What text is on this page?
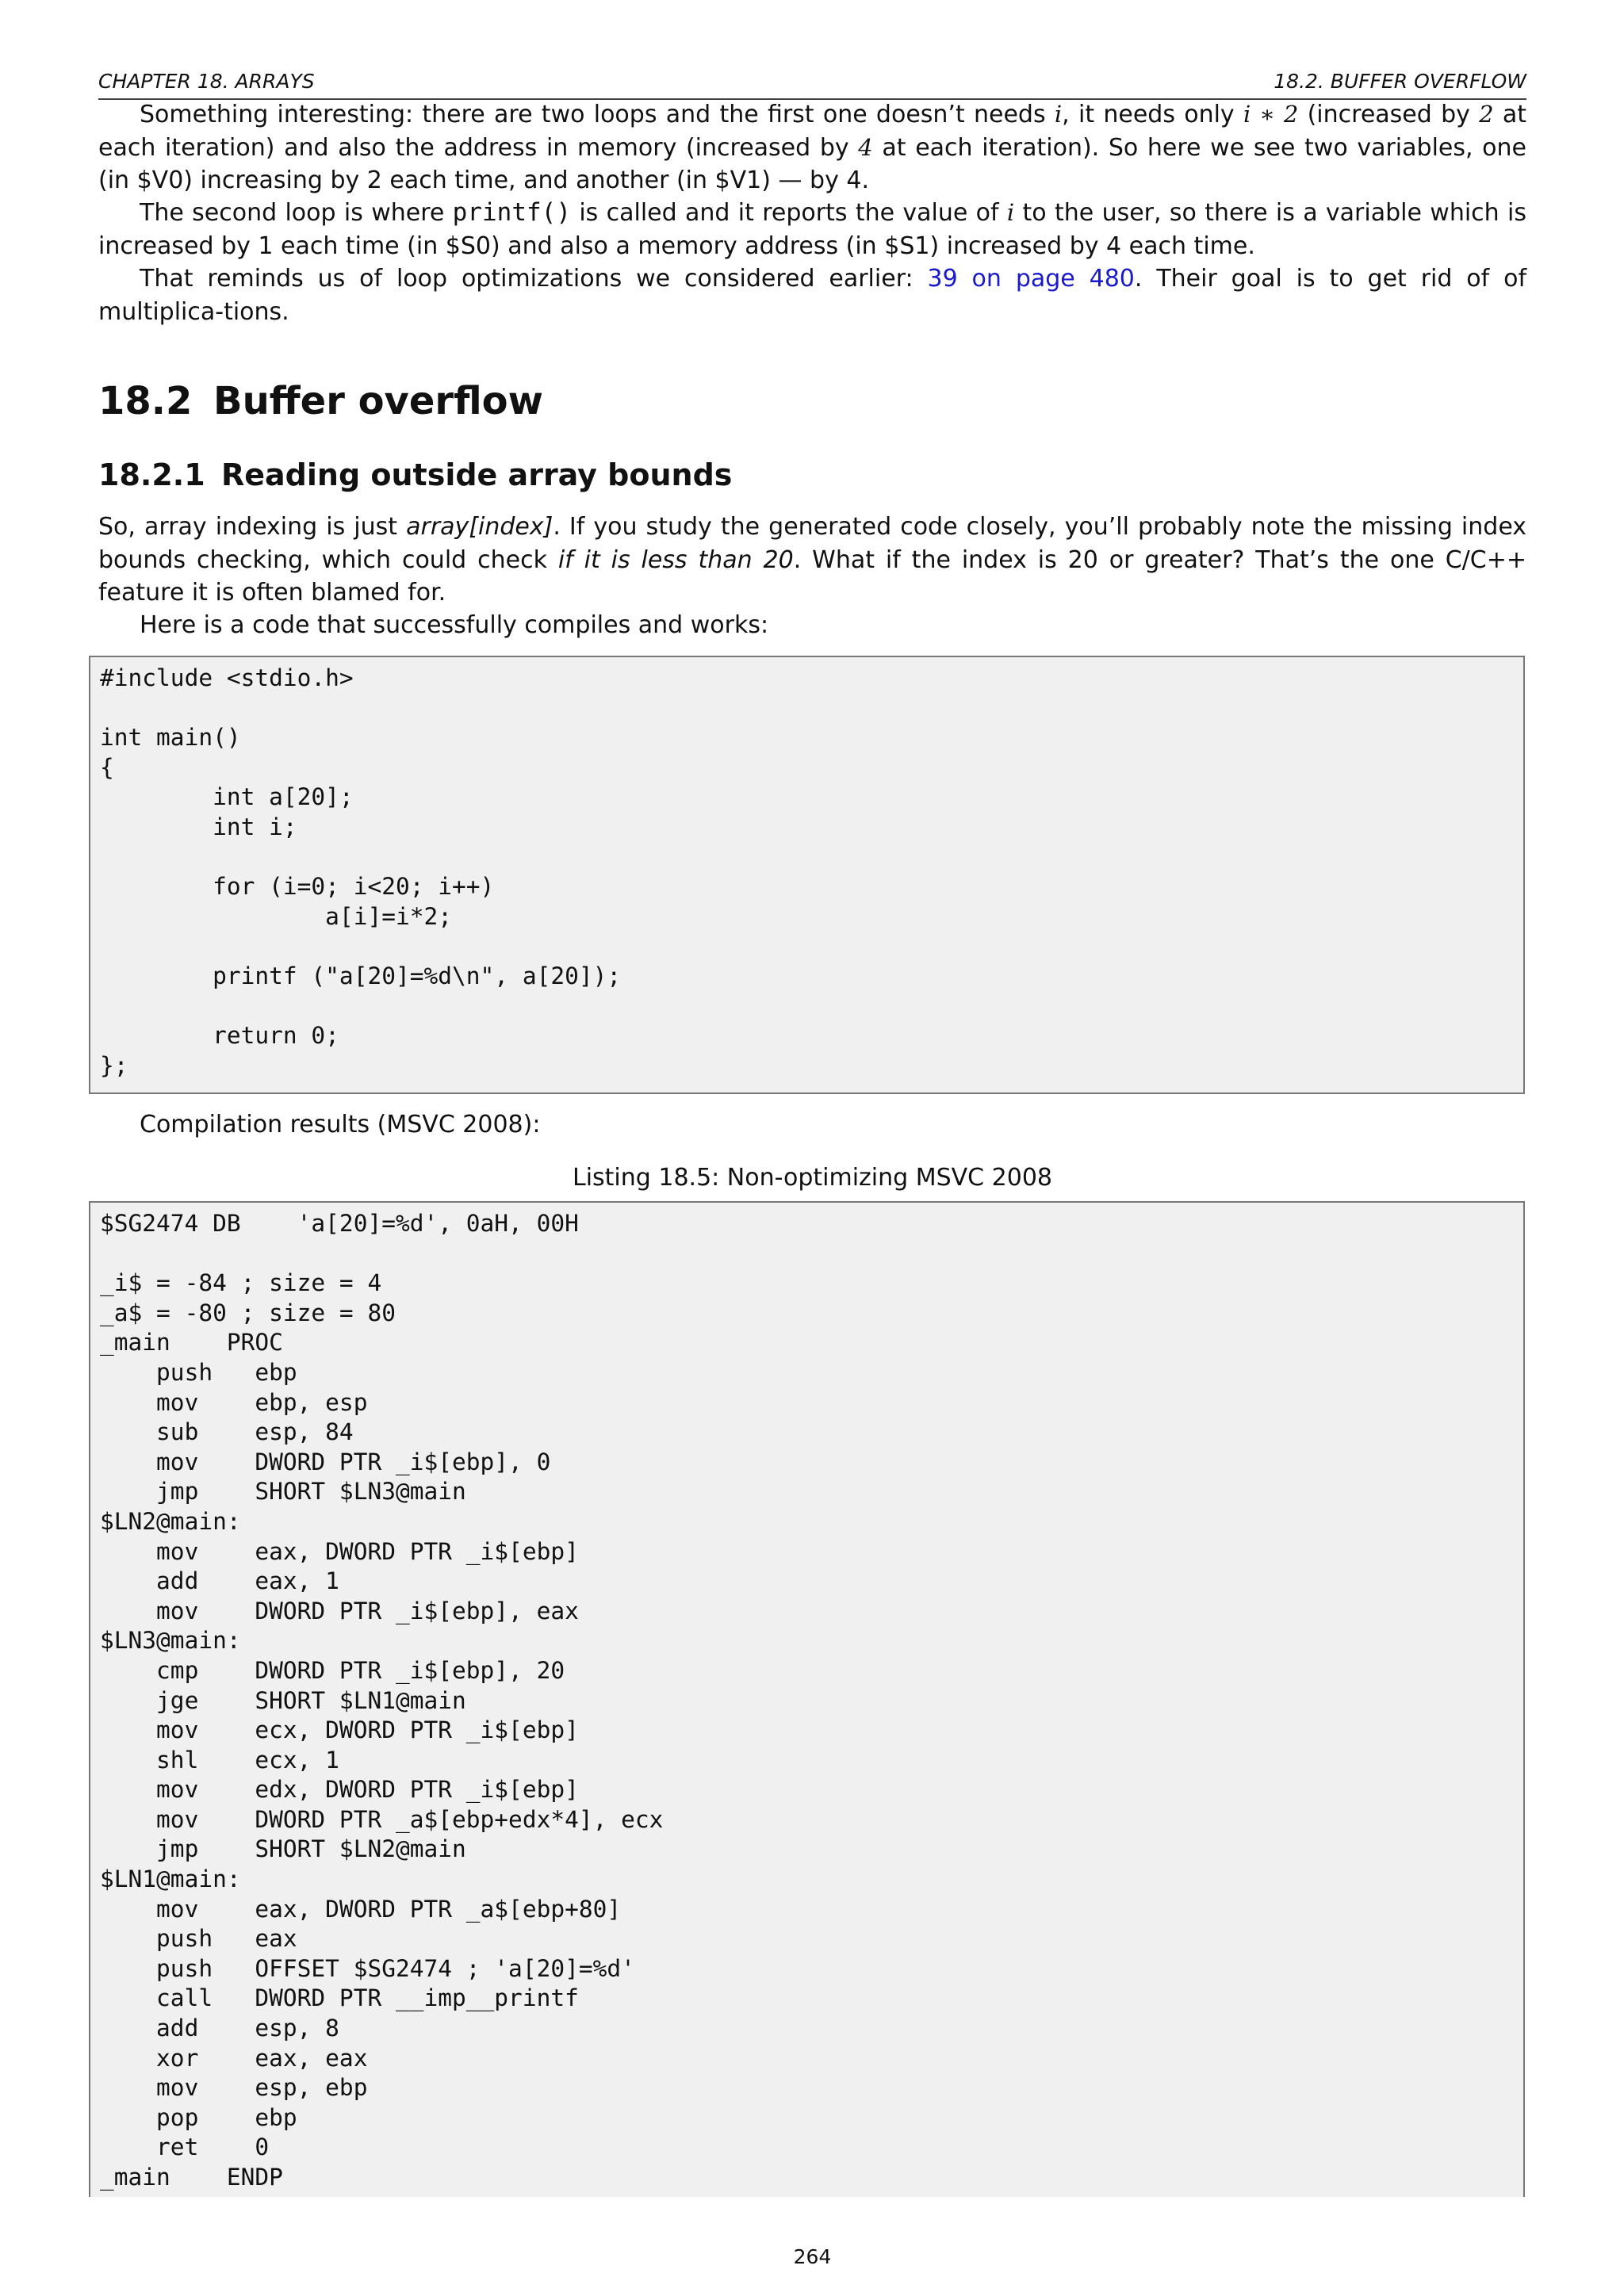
CHAPTER 18. ARRAYS	18.2. BUFFER OVERFLOW

Something interesting: there are two loops and the first one doesn’t needs i, it needs only i ∗ 2 (increased by 2 at each iteration) and also the address in memory (increased by 4 at each iteration). So here we see two variables, one (in $V0) increasing by 2 each time, and another (in $V1) — by 4.

The second loop is where printf() is called and it reports the value of i to the user, so there is a variable which is increased by 1 each time (in $S0) and also a memory address (in $S1) increased by 4 each time.

That reminds us of loop optimizations we considered earlier: 39 on page 480. Their goal is to get rid of of multiplica-tions.

18.2 Buffer overflow
18.2.1 Reading outside array bounds

So, array indexing is just array[index]. If you study the generated code closely, you’ll probably note the missing index bounds checking, which could check if it is less than 20. What if the index is 20 or greater? That’s the one C/C++ feature it is often blamed for.

Here is a code that successfully compiles and works:

#include <stdio.h>
int main()
{
int a[20];
int i;
for (i=0; i<20; i++)
a[i]=i*2;
printf ("a[20]=%d\n", a[20]);
return 0;
};

Compilation results (MSVC 2008):

Listing 18.5: Non-optimizing MSVC 2008
$SG2474 DB    'a[20]=%d', 0aH, 00H
_i$ = -84 ; size = 4
_a$ = -80 ; size = 80
_main    PROC
push   ebp
mov    ebp, esp
sub    esp, 84
mov    DWORD PTR _i$[ebp], 0
jmp    SHORT $LN3@main
$LN2@main:
mov    eax, DWORD PTR _i$[ebp]
add    eax, 1
mov    DWORD PTR _i$[ebp], eax
$LN3@main:
cmp    DWORD PTR _i$[ebp], 20
jge    SHORT $LN1@main
mov    ecx, DWORD PTR _i$[ebp]
shl    ecx, 1
mov    edx, DWORD PTR _i$[ebp]
mov    DWORD PTR _a$[ebp+edx*4], ecx
jmp    SHORT $LN2@main
$LN1@main:
mov    eax, DWORD PTR _a$[ebp+80]
push   eax
push   OFFSET $SG2474 ; 'a[20]=%d'
call   DWORD PTR __imp__printf
add    esp, 8
xor    eax, eax
mov    esp, ebp
pop    ebp
ret    0
_main    ENDP
264
